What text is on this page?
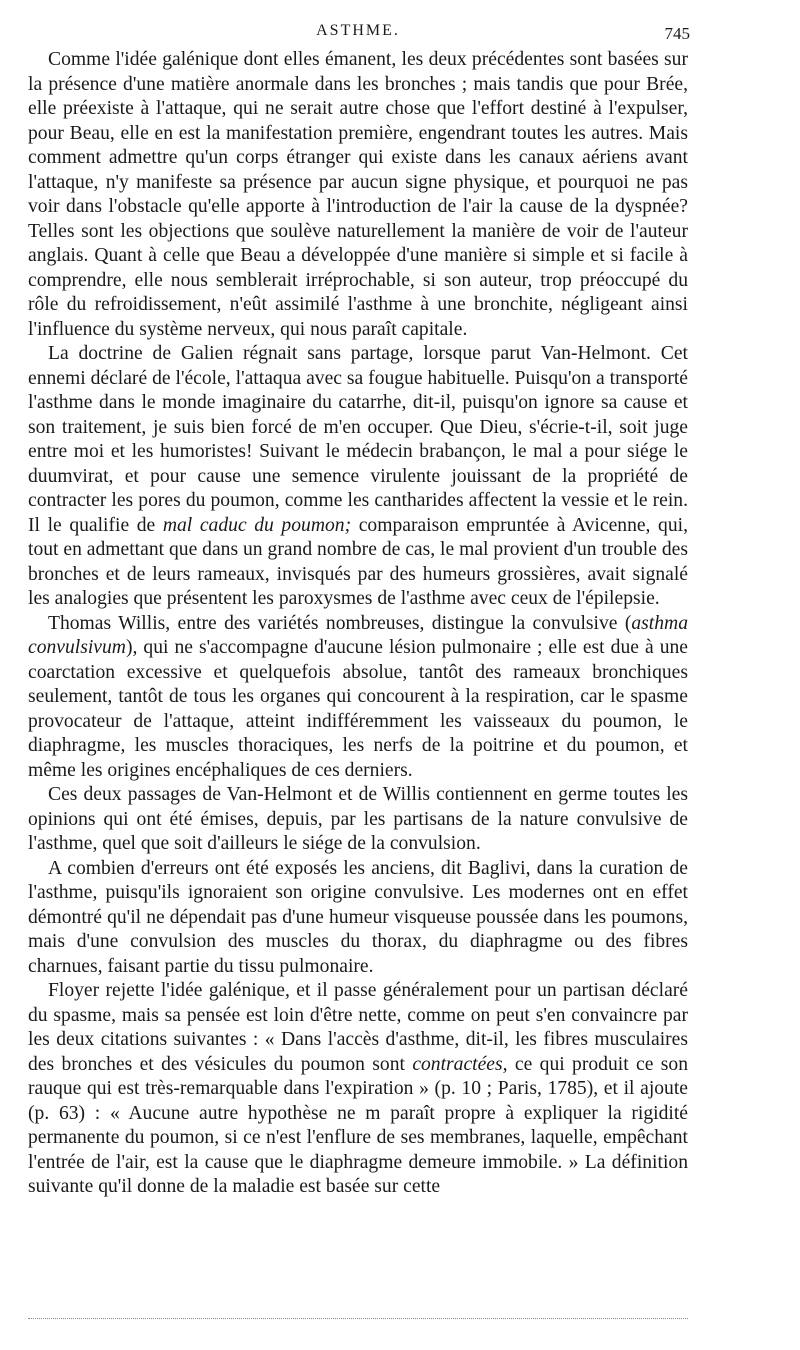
ASTHME.	745

Comme l'idée galénique dont elles émanent, les deux précédentes sont basées sur la présence d'une matière anormale dans les bronches ; mais tandis que pour Brée, elle préexiste à l'attaque, qui ne serait autre chose que l'effort destiné à l'expulser, pour Beau, elle en est la manifestation première, engendrant toutes les autres. Mais comment admettre qu'un corps étranger qui existe dans les canaux aériens avant l'attaque, n'y manifeste sa présence par aucun signe physique, et pourquoi ne pas voir dans l'obstacle qu'elle apporte à l'introduction de l'air la cause de la dyspnée? Telles sont les objections que soulève naturellement la manière de voir de l'auteur anglais. Quant à celle que Beau a développée d'une manière si simple et si facile à comprendre, elle nous semblerait irréprochable, si son auteur, trop préoccupé du rôle du refroidissement, n'eût assimilé l'asthme à une bronchite, négligeant ainsi l'influence du système nerveux, qui nous paraît capitale.

La doctrine de Galien régnait sans partage, lorsque parut Van-Helmont. Cet ennemi déclaré de l'école, l'attaqua avec sa fougue habituelle. Puisqu'on a transporté l'asthme dans le monde imaginaire du catarrhe, dit-il, puisqu'on ignore sa cause et son traitement, je suis bien forcé de m'en occuper. Que Dieu, s'écrie-t-il, soit juge entre moi et les humoristes! Suivant le médecin brabançon, le mal a pour siége le duumvirat, et pour cause une semence virulente jouissant de la propriété de contracter les pores du poumon, comme les cantharides affectent la vessie et le rein. Il le qualifie de mal caduc du poumon; comparaison empruntée à Avicenne, qui, tout en admettant que dans un grand nombre de cas, le mal provient d'un trouble des bronches et de leurs rameaux, invisqués par des humeurs grossières, avait signalé les analogies que présentent les paroxysmes de l'asthme avec ceux de l'épilepsie.

Thomas Willis, entre des variétés nombreuses, distingue la convulsive (asthma convulsivum), qui ne s'accompagne d'aucune lésion pulmonaire ; elle est due à une coarctation excessive et quelquefois absolue, tantôt des rameaux bronchiques seulement, tantôt de tous les organes qui concourent à la respiration, car le spasme provocateur de l'attaque, atteint indifféremment les vaisseaux du poumon, le diaphragme, les muscles thoraciques, les nerfs de la poitrine et du poumon, et même les origines encéphaliques de ces derniers.

Ces deux passages de Van-Helmont et de Willis contiennent en germe toutes les opinions qui ont été émises, depuis, par les partisans de la nature convulsive de l'asthme, quel que soit d'ailleurs le siége de la convulsion.

A combien d'erreurs ont été exposés les anciens, dit Baglivi, dans la curation de l'asthme, puisqu'ils ignoraient son origine convulsive. Les modernes ont en effet démontré qu'il ne dépendait pas d'une humeur visqueuse poussée dans les poumons, mais d'une convulsion des muscles du thorax, du diaphragme ou des fibres charnues, faisant partie du tissu pulmonaire.

Floyer rejette l'idée galénique, et il passe généralement pour un partisan déclaré du spasme, mais sa pensée est loin d'être nette, comme on peut s'en convaincre par les deux citations suivantes : « Dans l'accès d'asthme, dit-il, les fibres musculaires des bronches et des vésicules du poumon sont contractées, ce qui produit ce son rauque qui est très-remarquable dans l'expiration » (p. 10 ; Paris, 1785), et il ajoute (p. 63) : « Aucune autre hypothèse ne m paraît propre à expliquer la rigidité permanente du poumon, si ce n'est l'enflure de ses membranes, laquelle, empêchant l'entrée de l'air, est la cause que le diaphragme demeure immobile. » La définition suivante qu'il donne de la maladie est basée sur cette
